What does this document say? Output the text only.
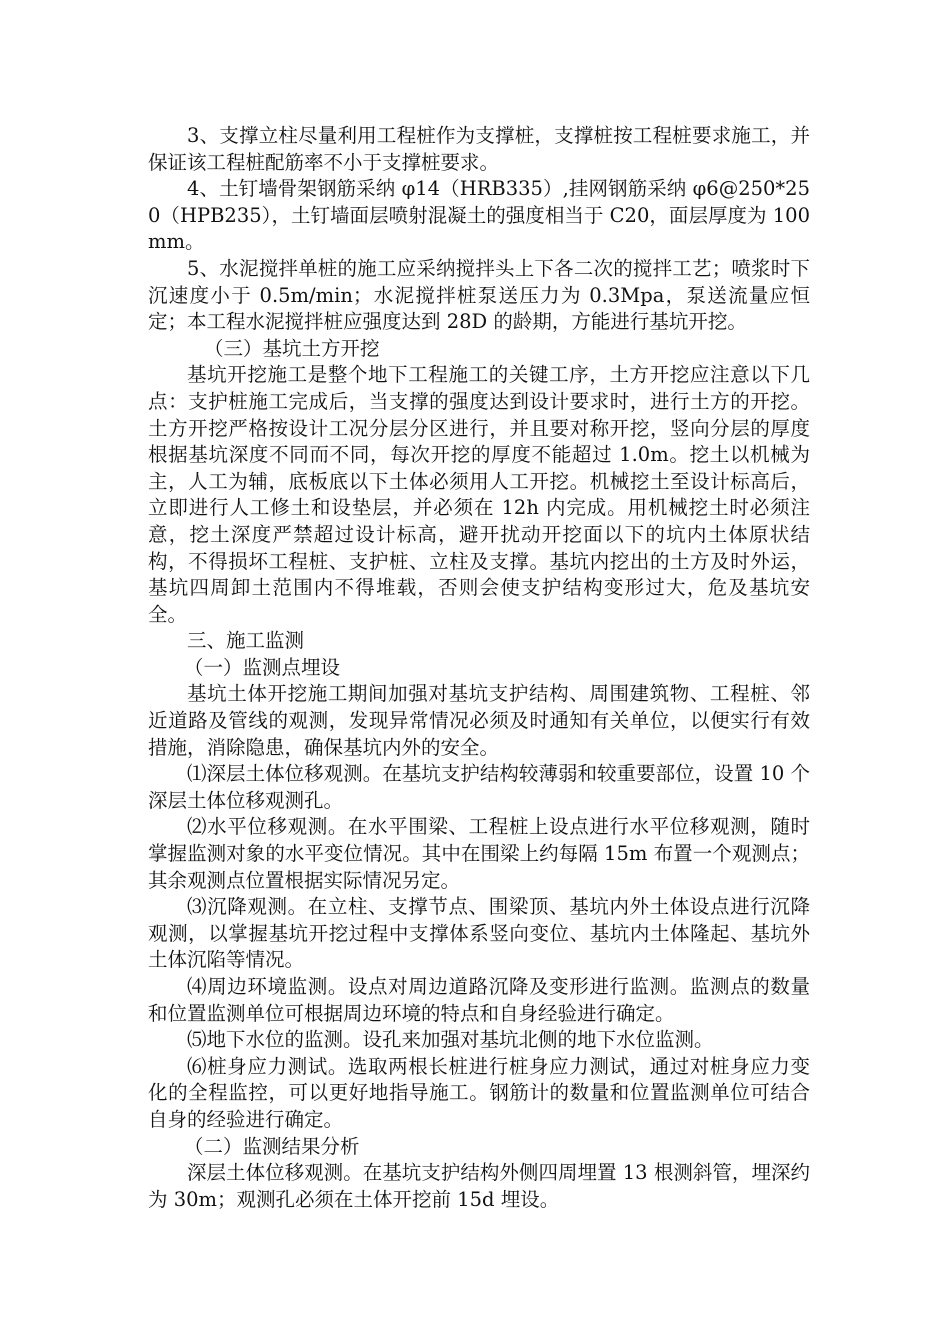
3、支撑立柱尽量利用工程桩作为支撑桩，支撑桩按工程桩要求施工，并保证该工程桩配筋率不小于支撑桩要求。

4、土钉墙骨架钢筋采纳 φ14（HRB335）,挂网钢筋采纳 φ6@250*250（HPB235），土钉墙面层喷射混凝土的强度相当于 C20，面层厚度为 100mm。

5、水泥搅拌单桩的施工应采纳搅拌头上下各二次的搅拌工艺；喷浆时下沉速度小于 0.5m/min；水泥搅拌桩泵送压力为 0.3Mpa，泵送流量应恒定；本工程水泥搅拌桩应强度达到 28D 的龄期，方能进行基坑开挖。

（三）基坑土方开挖

基坑开挖施工是整个地下工程施工的关键工序，土方开挖应注意以下几点：支护桩施工完成后，当支撑的强度达到设计要求时，进行土方的开挖。土方开挖严格按设计工况分层分区进行，并且要对称开挖，竖向分层的厚度根据基坑深度不同而不同，每次开挖的厚度不能超过 1.0m。挖土以机械为主，人工为辅，底板底以下土体必须用人工开挖。机械挖土至设计标高后，立即进行人工修土和设垫层，并必须在 12h 内完成。用机械挖土时必须注意，挖土深度严禁超过设计标高，避开扰动开挖面以下的坑内土体原状结构，不得损坏工程桩、支护桩、立柱及支撑。基坑内挖出的土方及时外运，基坑四周卸土范围内不得堆载，否则会使支护结构变形过大，危及基坑安全。

三、施工监测

（一）监测点埋设

基坑土体开挖施工期间加强对基坑支护结构、周围建筑物、工程桩、邻近道路及管线的观测，发现异常情况必须及时通知有关单位，以便实行有效措施，消除隐患，确保基坑内外的安全。

⑴深层土体位移观测。在基坑支护结构较薄弱和较重要部位，设置 10 个深层土体位移观测孔。

⑵水平位移观测。在水平围梁、工程桩上设点进行水平位移观测，随时掌握监测对象的水平变位情况。其中在围梁上约每隔 15m 布置一个观测点；其余观测点位置根据实际情况另定。

⑶沉降观测。在立柱、支撑节点、围梁顶、基坑内外土体设点进行沉降观测，以掌握基坑开挖过程中支撑体系竖向变位、基坑内土体隆起、基坑外土体沉陷等情况。

⑷周边环境监测。设点对周边道路沉降及变形进行监测。监测点的数量和位置监测单位可根据周边环境的特点和自身经验进行确定。

⑸地下水位的监测。设孔来加强对基坑北侧的地下水位监测。

⑹桩身应力测试。选取两根长桩进行桩身应力测试，通过对桩身应力变化的全程监控，可以更好地指导施工。钢筋计的数量和位置监测单位可结合自身的经验进行确定。

（二）监测结果分析

深层土体位移观测。在基坑支护结构外侧四周埋置 13 根测斜管，埋深约为 30m；观测孔必须在土体开挖前 15d 埋设。
